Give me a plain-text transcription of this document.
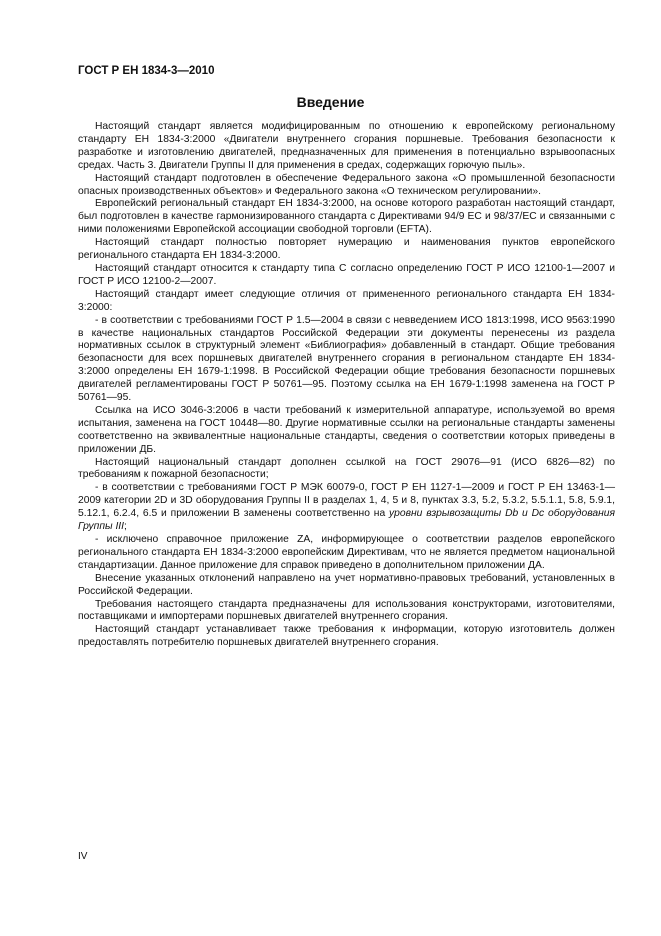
ГОСТ Р ЕН 1834-3—2010
Введение

Настоящий стандарт является модифицированным по отношению к европейскому региональному стандарту ЕН 1834-3:2000 «Двигатели внутреннего сгорания поршневые. Требования безопасности к разработке и изготовлению двигателей, предназначенных для применения в потенциально взрывоопасных средах. Часть 3. Двигатели Группы II для применения в средах, содержащих горючую пыль».

Настоящий стандарт подготовлен в обеспечение Федерального закона «О промышленной безопасности опасных производственных объектов» и Федерального закона «О техническом регулировании».

Европейский региональный стандарт ЕН 1834-3:2000, на основе которого разработан настоящий стандарт, был подготовлен в качестве гармонизированного стандарта с Директивами 94/9 ЕС и 98/37/ЕС и связанными с ними положениями Европейской ассоциации свободной торговли (EFTA).

Настоящий стандарт полностью повторяет нумерацию и наименования пунктов европейского регионального стандарта ЕН 1834-3:2000.

Настоящий стандарт относится к стандарту типа С согласно определению ГОСТ Р ИСО 12100-1—2007 и ГОСТ Р ИСО 12100-2—2007.

Настоящий стандарт имеет следующие отличия от примененного регионального стандарта ЕН 1834-3:2000:

- в соответствии с требованиями ГОСТ Р 1.5—2004 в связи с невведением ИСО 1813:1998, ИСО 9563:1990 в качестве национальных стандартов Российской Федерации эти документы перенесены из раздела нормативных ссылок в структурный элемент «Библиография» добавленный в стандарт. Общие требования безопасности для всех поршневых двигателей внутреннего сгорания в региональном стандарте ЕН 1834-3:2000 определены ЕН 1679-1:1998. В Российской Федерации общие требования безопасности поршневых двигателей регламентированы ГОСТ Р 50761—95. Поэтому ссылка на ЕН 1679-1:1998 заменена на ГОСТ Р 50761—95.

Ссылка на ИСО 3046-3:2006 в части требований к измерительной аппаратуре, используемой во время испытания, заменена на ГОСТ 10448—80. Другие нормативные ссылки на региональные стандарты заменены соответственно на эквивалентные национальные стандарты, сведения о соответствии которых приведены в приложении ДБ.

Настоящий национальный стандарт дополнен ссылкой на ГОСТ 29076—91 (ИСО 6826—82) по требованиям к пожарной безопасности;

- в соответствии с требованиями ГОСТ Р МЭК 60079-0, ГОСТ Р ЕН 1127-1—2009 и ГОСТ Р ЕН 13463-1—2009 категории 2D и 3D оборудования Группы II в разделах 1, 4, 5 и 8, пунктах 3.3, 5.2, 5.3.2, 5.5.1.1, 5.8, 5.9.1, 5.12.1, 6.2.4, 6.5 и приложении В заменены соответственно на уровни взрывозащиты Db и Dc оборудования Группы III;

- исключено справочное приложение ZA, информирующее о соответствии разделов европейского регионального стандарта ЕН 1834-3:2000 европейским Директивам, что не является предметом национальной стандартизации. Данное приложение для справок приведено в дополнительном приложении ДА.

Внесение указанных отклонений направлено на учет нормативно-правовых требований, установленных в Российской Федерации.

Требования настоящего стандарта предназначены для использования конструкторами, изготовителями, поставщиками и импортерами поршневых двигателей внутреннего сгорания.

Настоящий стандарт устанавливает также требования к информации, которую изготовитель должен предоставлять потребителю поршневых двигателей внутреннего сгорания.

IV
